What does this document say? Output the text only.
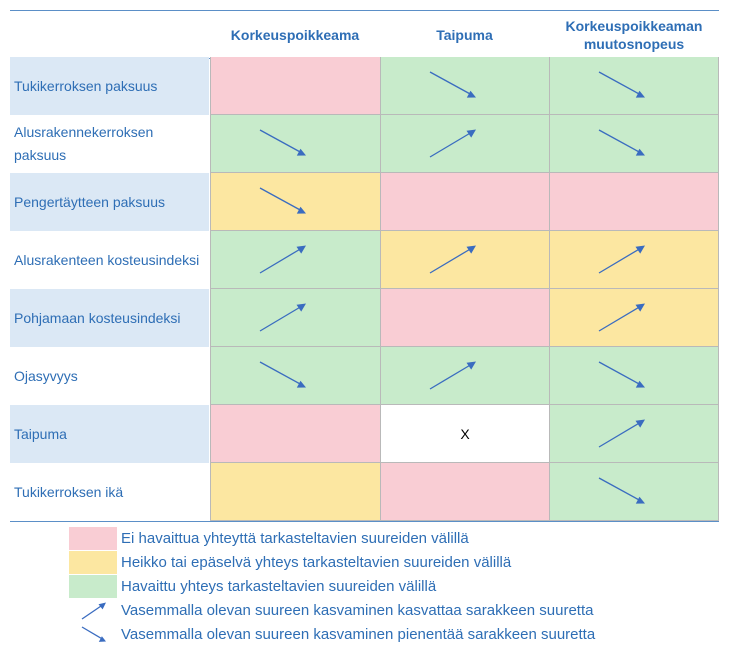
Korkeuspoikkeama	Taipuma
Korkeuspoikkeaman muutosnopeus
Tukikerroksen paksuus
Alusrakennekerroksen paksuus
Pengertäytteen paksuus
Alusrakenteen kosteusindeksi
Pohjamaan kosteusindeksi
Ojasyvyys
Taipuma	X
Tukikerroksen ikä
Ei havaittua yhteyttä tarkasteltavien suureiden välillä
Heikko tai epäselvä yhteys tarkasteltavien suureiden välillä
Havaittu yhteys tarkasteltavien suureiden välillä
Vasemmalla olevan suureen kasvaminen kasvattaa sarakkeen suuretta
Vasemmalla olevan suureen kasvaminen pienentää sarakkeen suuretta
